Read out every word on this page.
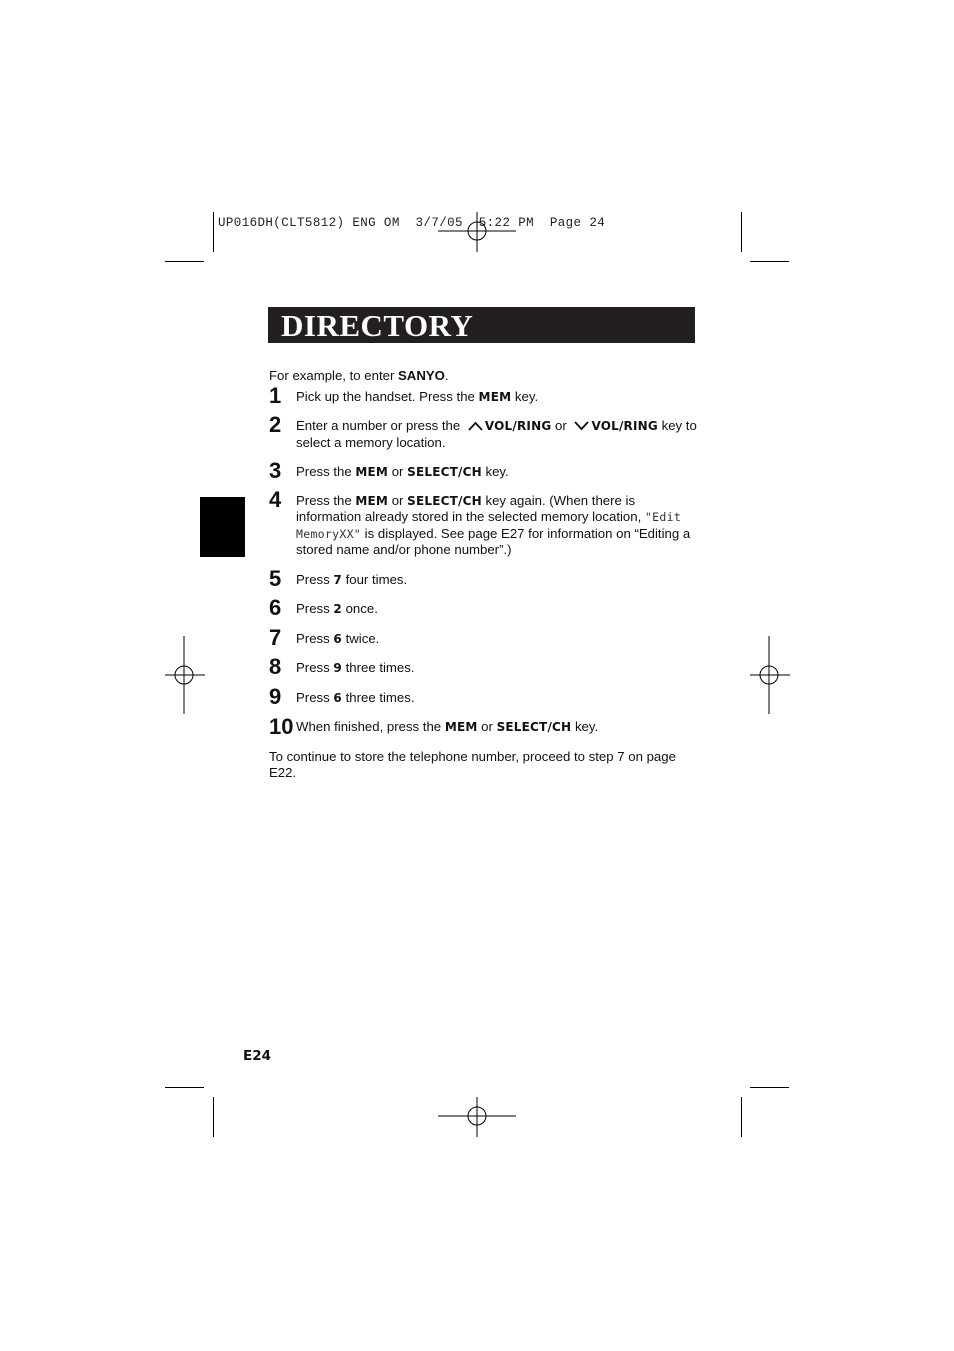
UP016DH(CLT5812) ENG OM  3/7/05  5:22 PM  Page 24
DIRECTORY

For example, to enter SANYO.

1 Pick up the handset. Press the MEM key.
2 Enter a number or press the VOL/RING or VOL/RING key to select a memory location.
3 Press the MEM or SELECT/CH key.
4 Press the MEM or SELECT/CH key again. (When there is information already stored in the selected memory location, "Edit MemoryXX" is displayed. See page E27 for information on “Editing a stored name and/or phone number”.)
5 Press 7 four times.
6 Press 2 once.
7 Press 6 twice.
8 Press 9 three times.
9 Press 6 three times.
10 When finished, press the MEM or SELECT/CH key.

To continue to store the telephone number, proceed to step 7 on page E22.

E24
